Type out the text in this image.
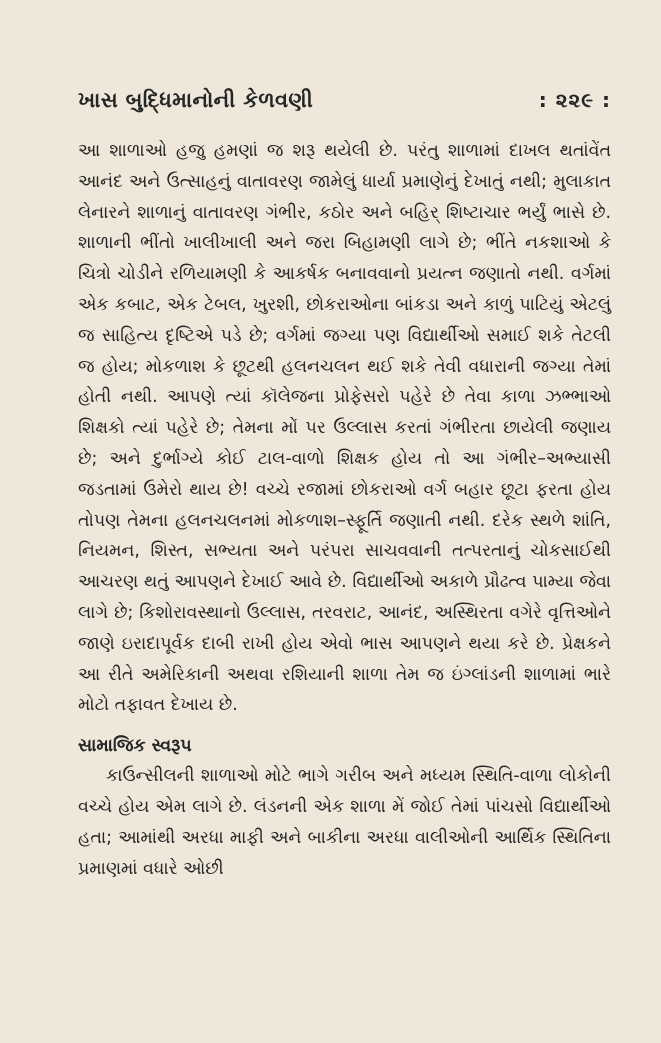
ખાસ બુદ્ધિમાનોની કેળવણી	: ૨૨૯ :

આ શાળાઓ હજુ હમણાં જ શરૂ થયેલી છે. પરંતુ શાળામાં દાખલ થતાંવેંત આનંદ અને ઉત્સાહનું વાતાવરણ જામેલું ધાર્યા પ્રમાણેનું દેખાતું નથી; મુલાકાત લેનારને શાળાનું વાતાવરણ ગંભીર, કઠોર અને બહિર્ શિષ્ટાચાર ભર્યું ભાસે છે. શાળાની ભીંતો ખાલીખાલી અને જરા બિહામણી લાગે છે; ભીંતે નકશાઓ કે ચિત્રો ચોડીને રળિયામણી કે આકર્ષક બનાવવાનો પ્રયત્ન જણાતો નથી. વર્ગમાં એક કબાટ, એક ટેબલ, ખુરશી, છોકરાઓના બાંકડા અને કાળું પાટિયું એટલું જ સાહિત્ય દૃષ્ટિએ પડે છે; વર્ગમાં જગ્યા પણ વિદ્યાર્થીઓ સમાઈ શકે તેટલી જ હોય; મોકળાશ કે છૂટથી હલનચલન થઈ શકે તેવી વધારાની જગ્યા તેમાં હોતી નથી. આપણે ત્યાં કૉલેજના પ્રોફેસરો પહેરે છે તેવા કાળા ઝભ્ભાઓ શિક્ષકો ત્યાં પહેરે છે; તેમના મોં પર ઉલ્લાસ કરતાં ગંભીરતા છાયેલી જણાય છે; અને દુર્ભાગ્યે કોઈ ટાલ-વાળો શિક્ષક હોય તો આ ગંભીર–અભ્યાસી જડતામાં ઉમેરો થાય છે! વચ્ચે રજામાં છોકરાઓ વર્ગ બહાર છૂટા ફરતા હોય તોપણ તેમના હલનચલનમાં મોકળાશ–સ્ફૂર્તિ જણાતી નથી. દરેક સ્થળે શાંતિ, નિયમન, શિસ્ત, સભ્યતા અને પરંપરા સાચવવાની તત્પરતાનું ચોકસાઈથી આચરણ થતું આપણને દેખાઈ આવે છે. વિદ્યાર્થીઓ અકાળે પ્રૌઢત્વ પામ્યા જેવા લાગે છે; કિશોરાવસ્થાનો ઉલ્લાસ, તરવરાટ, આનંદ, અસ્થિરતા વગેરે વૃત્તિઓને જાણે ઇરાદાપૂર્વક દાબી રાખી હોય એવો ભાસ આપણને થયા કરે છે. પ્રેક્ષકને આ રીતે અમેરિકાની અથવા રશિયાની શાળા તેમ જ ઇંગ્લાંડની શાળામાં ભારે મોટો તફાવત દેખાય છે.

સામાજિક સ્વરૂપ

કાઉન્સીલની શાળાઓ મોટે ભાગે ગરીબ અને મધ્યમ સ્થિતિ-વાળા લોકોની વચ્ચે હોય એમ લાગે છે. લંડનની એક શાળા મેં જોઈ તેમાં પાંચસો વિદ્યાર્થીઓ હતા; આમાંથી અરધા માફી અને બાકીના અરધા વાલીઓની આર્થિક સ્થિતિના પ્રમાણમાં વધારે ઓછી
